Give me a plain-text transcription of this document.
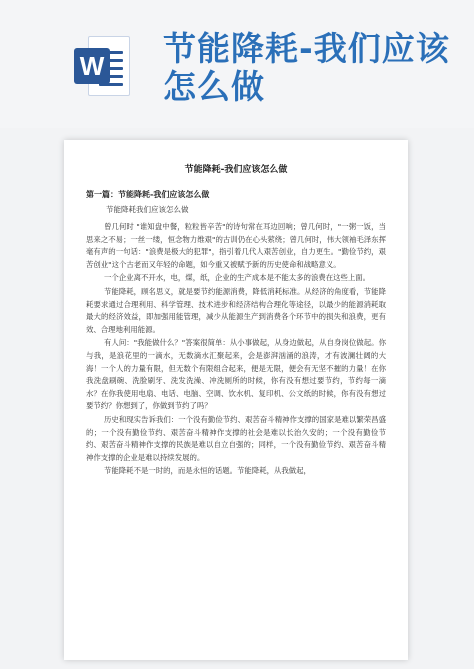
W 节能降耗-我们应该怎么做
节能降耗-我们应该怎么做
第一篇：节能降耗-我们应该怎么做
节能降耗我们应该怎么做

曾几何时 "谁知盘中餐，粒粒皆辛苦"的诗句常在耳边回响；曾几何时，"一粥一饭，当思来之不易；一丝一缕，恒念物力维艰"的古训仍在心头萦绕；曾几何时，伟大领袖毛泽东挥毫有声的一句话："浪费是极大的犯罪"，指引着几代人艰苦创业，自力更生。"勤俭节约，艰苦创业"这个古老而又年轻的命题，如今重又被赋予新的历史使命和战略意义。

一个企业离不开水，电，煤，纸，企业的生产成本是不能太多的浪费在这些上面。

节能降耗，顾名思义，就是要节约能源消费，降低消耗标准。从经济的角度看，节能降耗要求通过合理利用、科学管理、技术进步和经济结构合理化等途径，以最少的能源消耗取最大的经济效益，即加强用能管理，减少从能源生产到消费各个环节中的损失和浪费，更有效、合理地利用能源。

有人问："我能做什么？"答案很简单：从小事做起，从身边做起，从自身岗位做起。你与我，是浪花里的一滴水，无数滴水汇聚起来，会是澎湃汹涌的浪涛，才有波澜壮阔的大海！一个人的力量有限，但无数个有限组合起来，便是无限，便会有无坚不摧的力量！在你我洗盘刷碗、洗脸刷牙、洗发洗澡、冲洗厕所的时候，你有没有想过要节约，节约每一滴水？在你我使用电扇、电话、电脑、空调、饮水机、复印机、公文纸的时候，你有没有想过要节约？你想到了，你做到节约了吗？

历史和现实告诉我们：一个没有勤俭节约、艰苦奋斗精神作支撑的国家是难以繁荣昌盛的；一个没有勤俭节约、艰苦奋斗精神作支撑的社会是难以长治久安的；一个没有勤俭节约、艰苦奋斗精神作支撑的民族是难以自立自强的；同样，一个没有勤俭节约、艰苦奋斗精神作支撑的企业是难以持续发展的。

节能降耗不是一时的，而是永恒的话题。节能降耗，从我做起，
